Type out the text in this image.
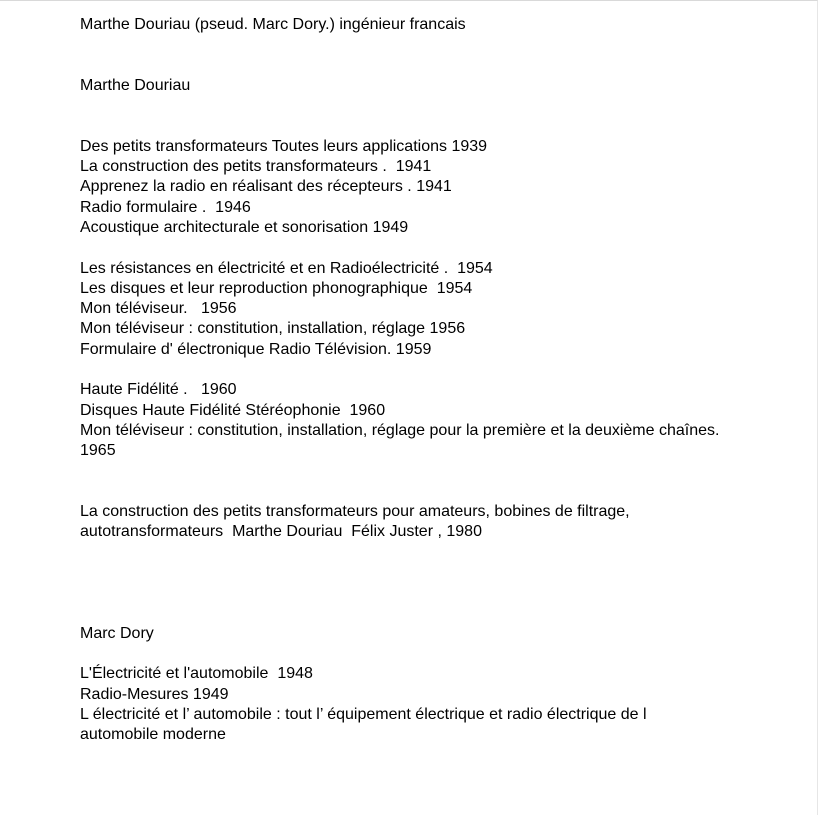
Marthe Douriau (pseud. Marc Dory.) ingénieur francais
Marthe Douriau
Des petits transformateurs Toutes leurs applications 1939
La construction des petits transformateurs .  1941
Apprenez la radio en réalisant des récepteurs . 1941
Radio formulaire .  1946
Acoustique architecturale et sonorisation 1949
Les résistances en électricité et en Radioélectricité .  1954
Les disques et leur reproduction phonographique  1954
Mon téléviseur.   1956
Mon téléviseur : constitution, installation, réglage 1956
Formulaire d' électronique Radio Télévision. 1959
Haute Fidélité .   1960
Disques Haute Fidélité Stéréophonie  1960
Mon téléviseur : constitution, installation, réglage pour la première et la deuxième chaînes. 1965
La construction des petits transformateurs pour amateurs, bobines de filtrage, autotransformateurs  Marthe Douriau  Félix Juster , 1980
Marc Dory
L'Électricité et l'automobile  1948
Radio-Mesures 1949
L électricité et l’ automobile : tout l’ équipement électrique et radio électrique de l automobile moderne
